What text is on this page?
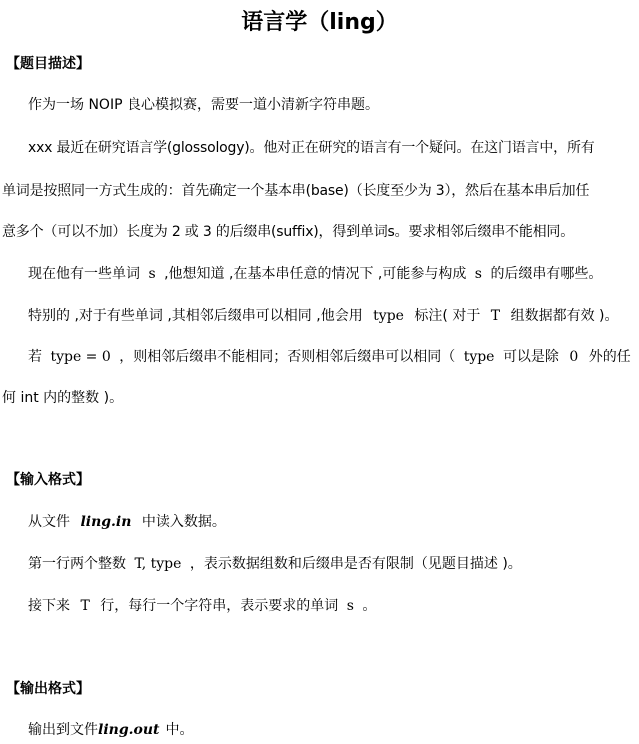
语言学（ling）
【题目描述】
作为一场 NOIP 良心模拟赛，需要一道小清新字符串题。
xxx 最近在研究语言学(glossology)。他对正在研究的语言有一个疑问。在这门语言中，所有
单词是按照同一方式生成的：首先确定一个基本串(base)（长度至少为 3），然后在基本串后加任
意多个（可以不加）长度为 2 或 3 的后缀串(suffix)，得到单词s。要求相邻后缀串不能相同。
现在他有一些单词 s ,他想知道 ,在基本串任意的情况下 ,可能参与构成 s 的后缀串有哪些。
特别的 ,对于有些单词 ,其相邻后缀串可以相同 ,他会用 type 标注( 对于 T 组数据都有效 )。
若 type = 0 ，则相邻后缀串不能相同；否则相邻后缀串可以相同（ type 可以是除 0 外的任
何 int 内的整数 )。
【输入格式】
从文件 ling.in 中读入数据。
第一行两个整数 T, type ，表示数据组数和后缀串是否有限制（见题目描述 )。
接下来 T 行，每行一个字符串，表示要求的单词 s 。
【输出格式】
输出到文件ling.out 中。
